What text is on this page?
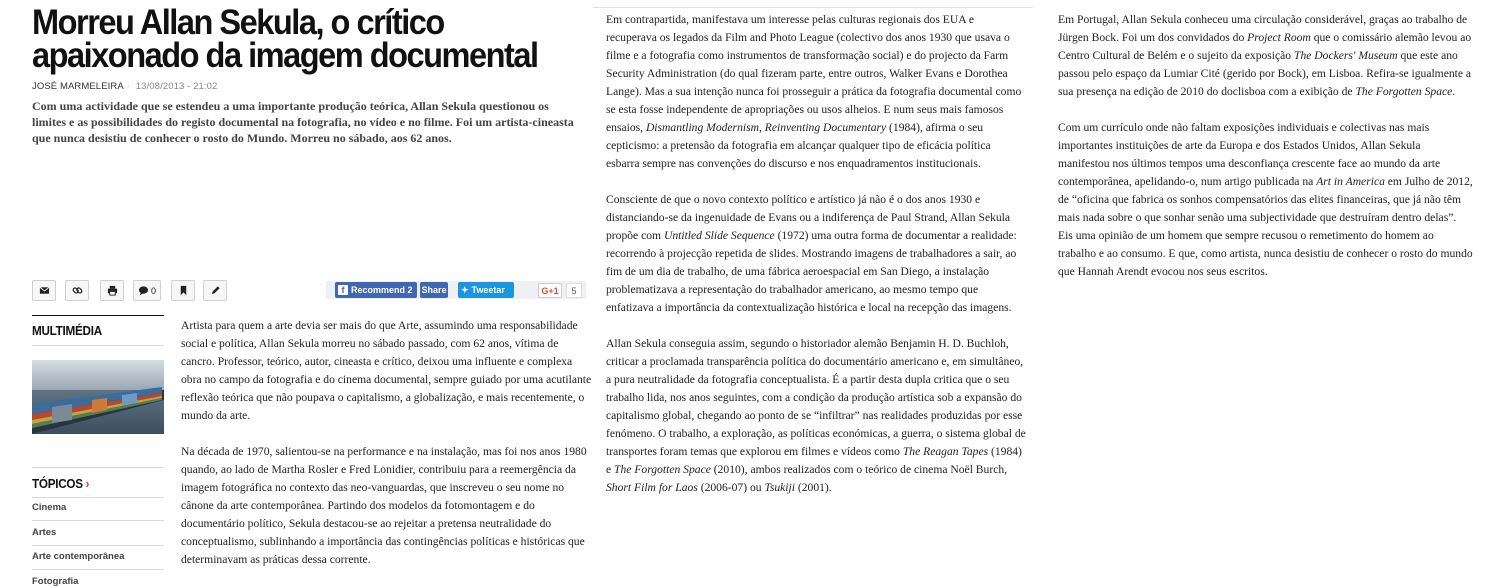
Morreu Allan Sekula, o crítico apaixonado da imagem documental
JOSÉ MARMELEIRA · 13/08/2013 - 21:02

Com uma actividade que se estendeu a uma importante produção teórica, Allan Sekula questionou os limites e as possibilidades do registo documental na fotografia, no vídeo e no filme. Foi um artista-cineasta que nunca desistiu de conhecer o rosto do Mundo. Morreu no sábado, aos 62 anos.

0	f Recommend 2 Share ✦ Tweetar	G+1	5
MULTIMÉDIA
TÓPICOS ›
Cinema
Artes
Arte contemporânea
Fotografia

Artista para quem a arte devia ser mais do que Arte, assumindo uma responsabilidade social e política, Allan Sekula morreu no sábado passado, com 62 anos, vítima de cancro. Professor, teórico, autor, cineasta e crítico, deixou uma influente e complexa obra no campo da fotografia e do cinema documental, sempre guiado por uma acutilante reflexão teórica que não poupava o capitalismo, a globalização, e mais recentemente, o mundo da arte.

Na década de 1970, salientou-se na performance e na instalação, mas foi nos anos 1980 quando, ao lado de Martha Rosler e Fred Lonidier, contribuiu para a reemergência da imagem fotográfica no contexto das neo-vanguardas, que inscreveu o seu nome no cânone da arte contemporânea. Partindo dos modelos da fotomontagem e do documentário político, Sekula destacou-se ao rejeitar a pretensa neutralidade do conceptualismo, sublinhando a importância das contingências políticas e históricas que determinavam as práticas dessa corrente.

Em contrapartida, manifestava um interesse pelas culturas regionais dos EUA e recuperava os legados da Film and Photo League (colectivo dos anos 1930 que usava o filme e a fotografia como instrumentos de transformação social) e do projecto da Farm Security Administration (do qual fizeram parte, entre outros, Walker Evans e Dorothea Lange). Mas a sua intenção nunca foi prosseguir a prática da fotografia documental como se esta fosse independente de apropriações ou usos alheios. E num seus mais famosos ensaios, Dismantling Modernism, Reinventing Documentary (1984), afirma o seu cepticismo: a pretensão da fotografia em alcançar qualquer tipo de eficácia política esbarra sempre nas convenções do discurso e nos enquadramentos institucionais.

Consciente de que o novo contexto político e artístico já não é o dos anos 1930 e distanciando-se da ingenuidade de Evans ou a indiferença de Paul Strand, Allan Sekula propõe com Untitled Slide Sequence (1972) uma outra forma de documentar a realidade: recorrendo à projecção repetida de slides. Mostrando imagens de trabalhadores a sair, ao fim de um dia de trabalho, de uma fábrica aeroespacial em San Diego, a instalação problematizava a representação do trabalhador americano, ao mesmo tempo que enfatizava a importância da contextualização histórica e local na recepção das imagens.

Allan Sekula conseguia assim, segundo o historiador alemão Benjamin H. D. Buchloh, criticar a proclamada transparência política do documentário americano e, em simultâneo, a pura neutralidade da fotografia conceptualista. É a partir desta dupla critica que o seu trabalho lida, nos anos seguintes, com a condição da produção artística sob a expansão do capitalismo global, chegando ao ponto de se “infiltrar” nas realidades produzidas por esse fenómeno. O trabalho, a exploração, as políticas económicas, a guerra, o sistema global de transportes foram temas que explorou em filmes e vídeos como The Reagan Tapes (1984) e The Forgotten Space (2010), ambos realizados com o teórico de cinema Noël Burch, Short Film for Laos (2006-07) ou Tsukiji (2001).

Em Portugal, Allan Sekula conheceu uma circulação considerável, graças ao trabalho de Jürgen Bock. Foi um dos convidados do Project Room que o comissário alemão levou ao Centro Cultural de Belém e o sujeito da exposição The Dockers' Museum que este ano passou pelo espaço da Lumiar Cité (gerido por Bock), em Lisboa. Refira-se igualmente a sua presença na edição de 2010 do doclisboa com a exibição de The Forgotten Space.

Com um currículo onde não faltam exposições individuais e colectivas nas mais importantes instituições de arte da Europa e dos Estados Unidos, Allan Sekula manifestou nos últimos tempos uma desconfiança crescente face ao mundo da arte contemporânea, apelidando-o, num artigo publicada na Art in America em Julho de 2012, de “oficina que fabrica os sonhos compensatórios das elites financeiras, que já não têm mais nada sobre o que sonhar senão uma subjectividade que destruíram dentro delas”. Eis uma opinião de um homem que sempre recusou o remetimento do homem ao trabalho e ao consumo. E que, como artista, nunca desistiu de conhecer o rosto do mundo que Hannah Arendt evocou nos seus escritos.
